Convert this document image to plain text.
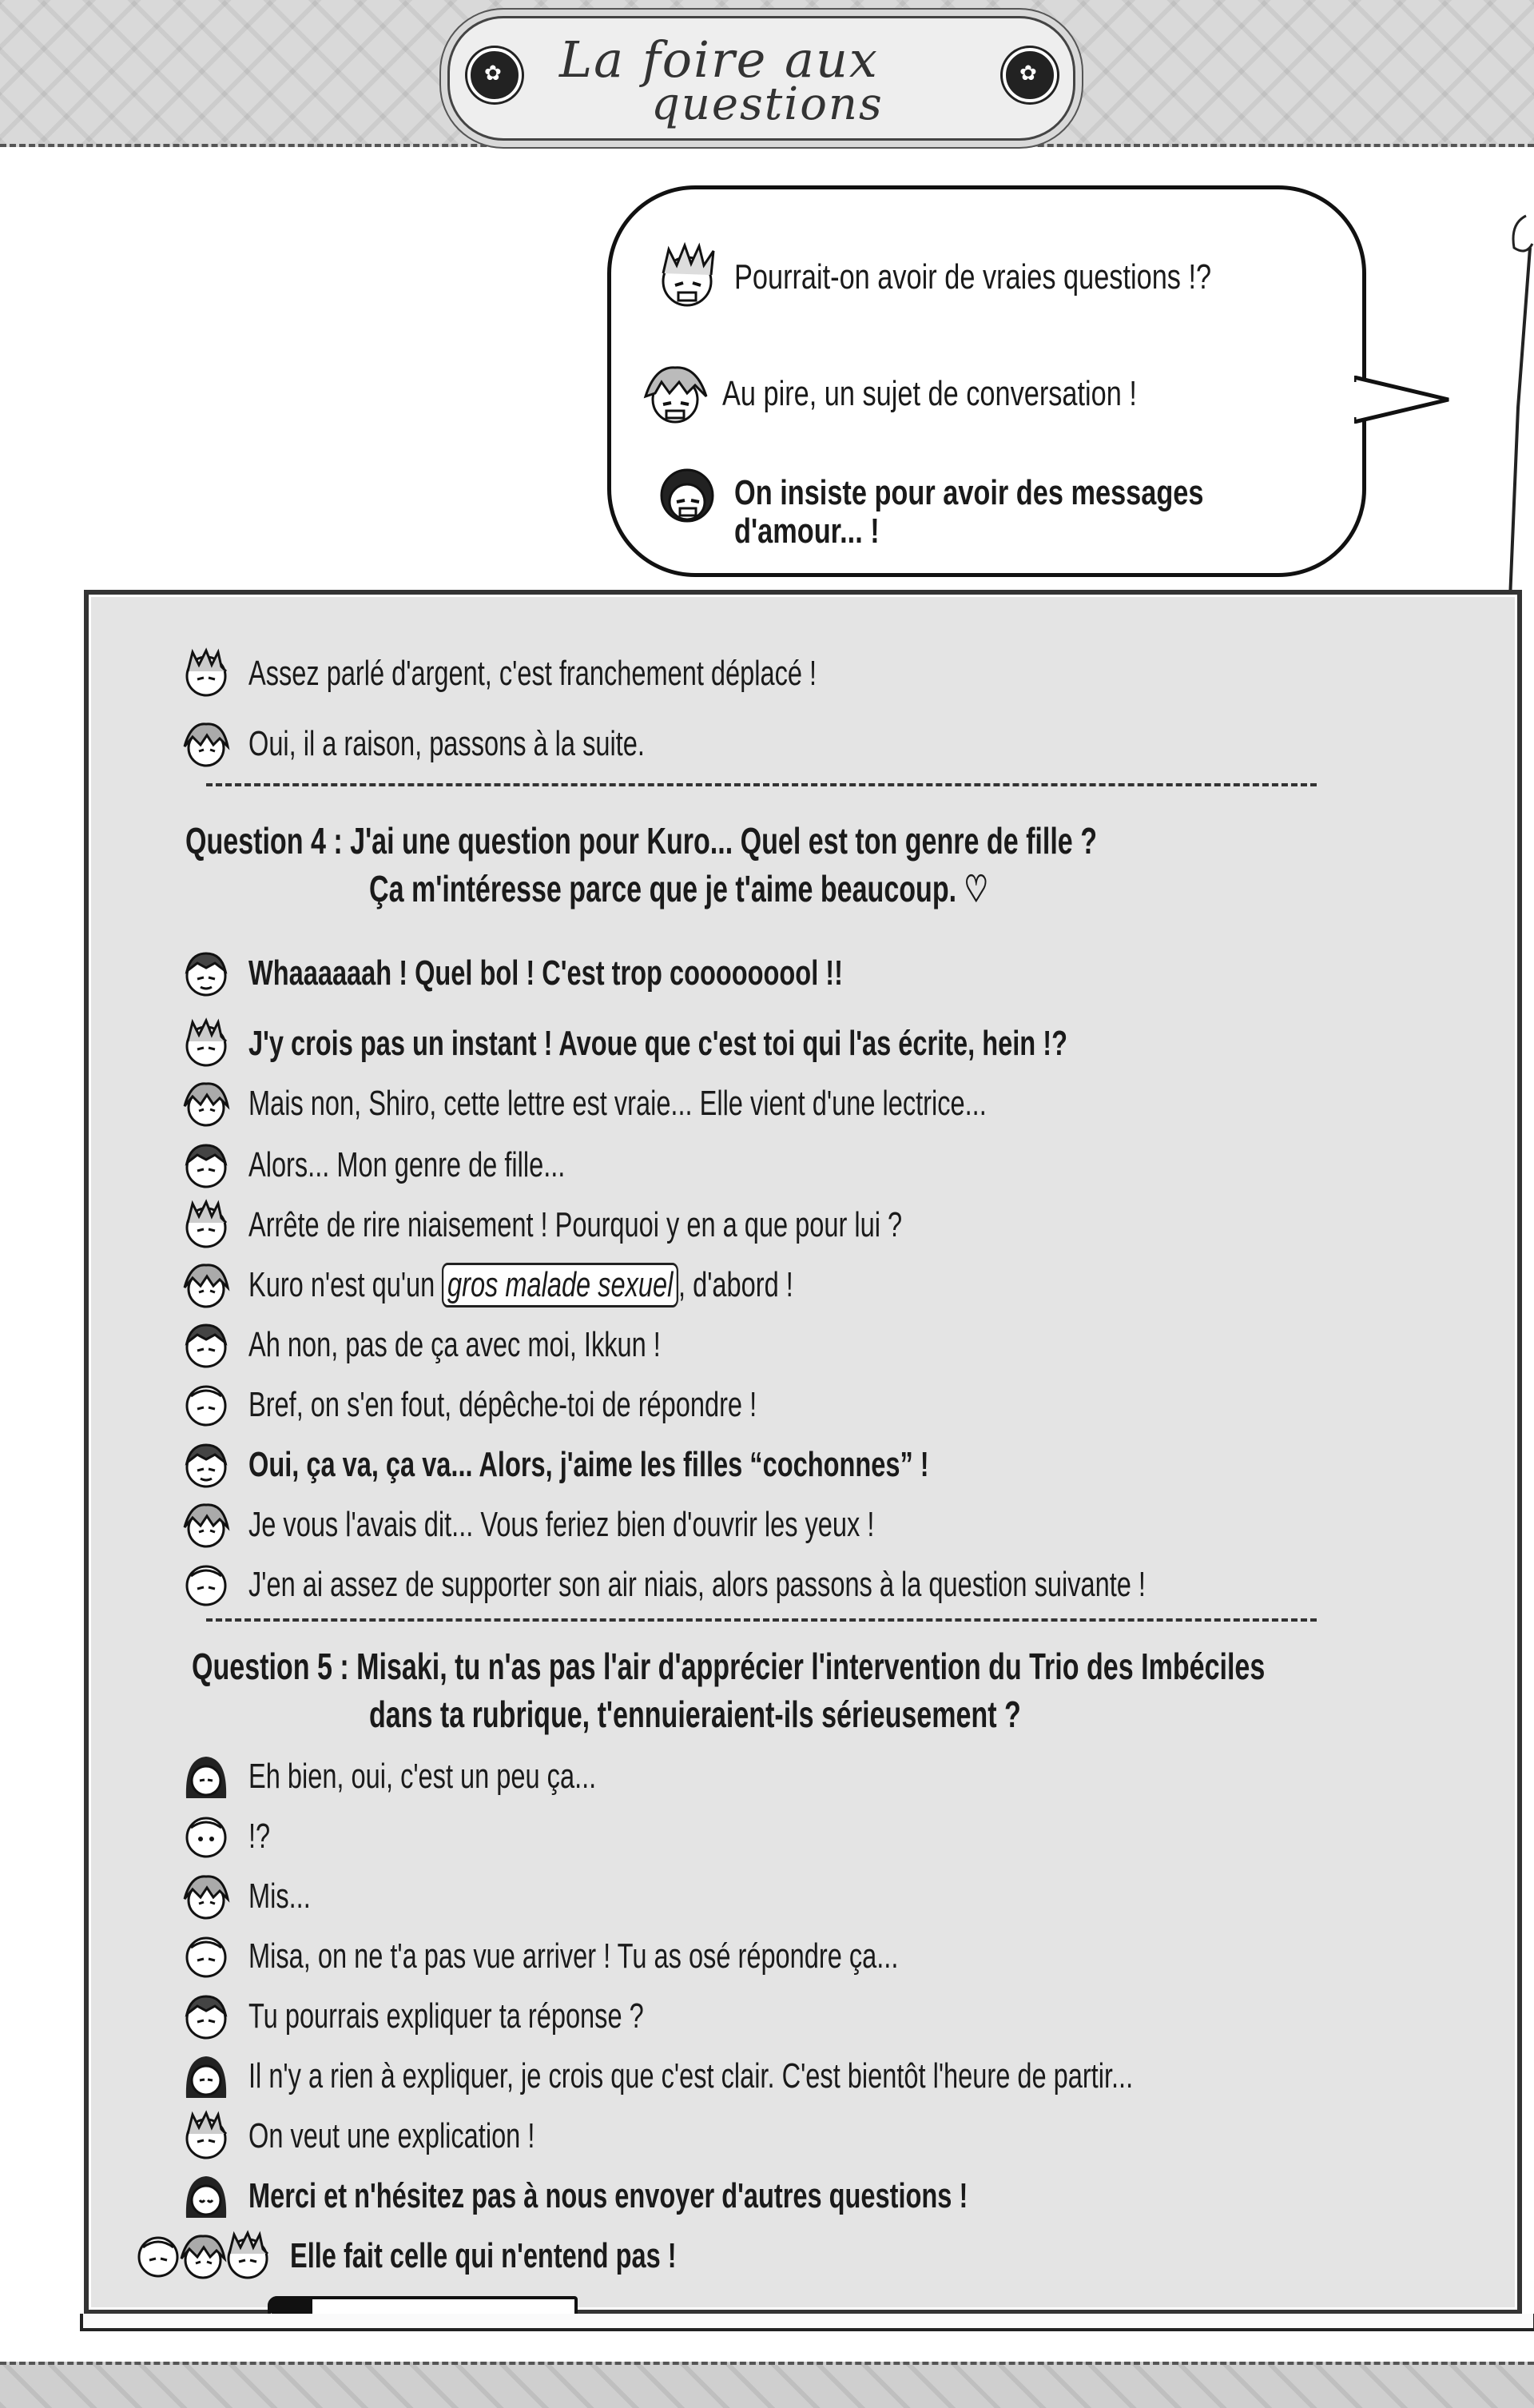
✿
✿
La foire aux
questions
Pourrait-on avoir de vraies questions !?
Au pire, un sujet de conversation !
On insiste pour avoir des messages
d'amour... !
Assez parlé d'argent, c'est franchement déplacé !
Oui, il a raison, passons à la suite.
Question 4 : J'ai une question pour Kuro... Quel est ton genre de fille ?
Ça m'intéresse parce que je t'aime beaucoup. ♡
Whaaaaaah ! Quel bol ! C'est trop cooooooool !!
J'y crois pas un instant ! Avoue que c'est toi qui l'as écrite, hein !?
Mais non, Shiro, cette lettre est vraie... Elle vient d'une lectrice...
Alors... Mon genre de fille...
Arrête de rire niaisement ! Pourquoi y en a que pour lui ?
Kuro n'est qu'un gros malade sexuel , d'abord !
Ah non, pas de ça avec moi, Ikkun !
Bref, on s'en fout, dépêche-toi de répondre !
Oui, ça va, ça va... Alors, j'aime les filles “cochonnes” !
Je vous l'avais dit... Vous feriez bien d'ouvrir les yeux !
J'en ai assez de supporter son air niais, alors passons à la question suivante !
Question 5 : Misaki, tu n'as pas l'air d'apprécier l'intervention du Trio des Imbéciles
dans ta rubrique, t'ennuieraient-ils sérieusement ?
Eh bien, oui, c'est un peu ça...
!?
Mis...
Misa, on ne t'a pas vue arriver ! Tu as osé répondre ça...
Tu pourrais expliquer ta réponse ?
Il n'y a rien à expliquer, je crois que c'est clair. C'est bientôt l'heure de partir...
On veut une explication !
Merci et n'hésitez pas à nous envoyer d'autres questions !
Elle fait celle qui n'entend pas !
